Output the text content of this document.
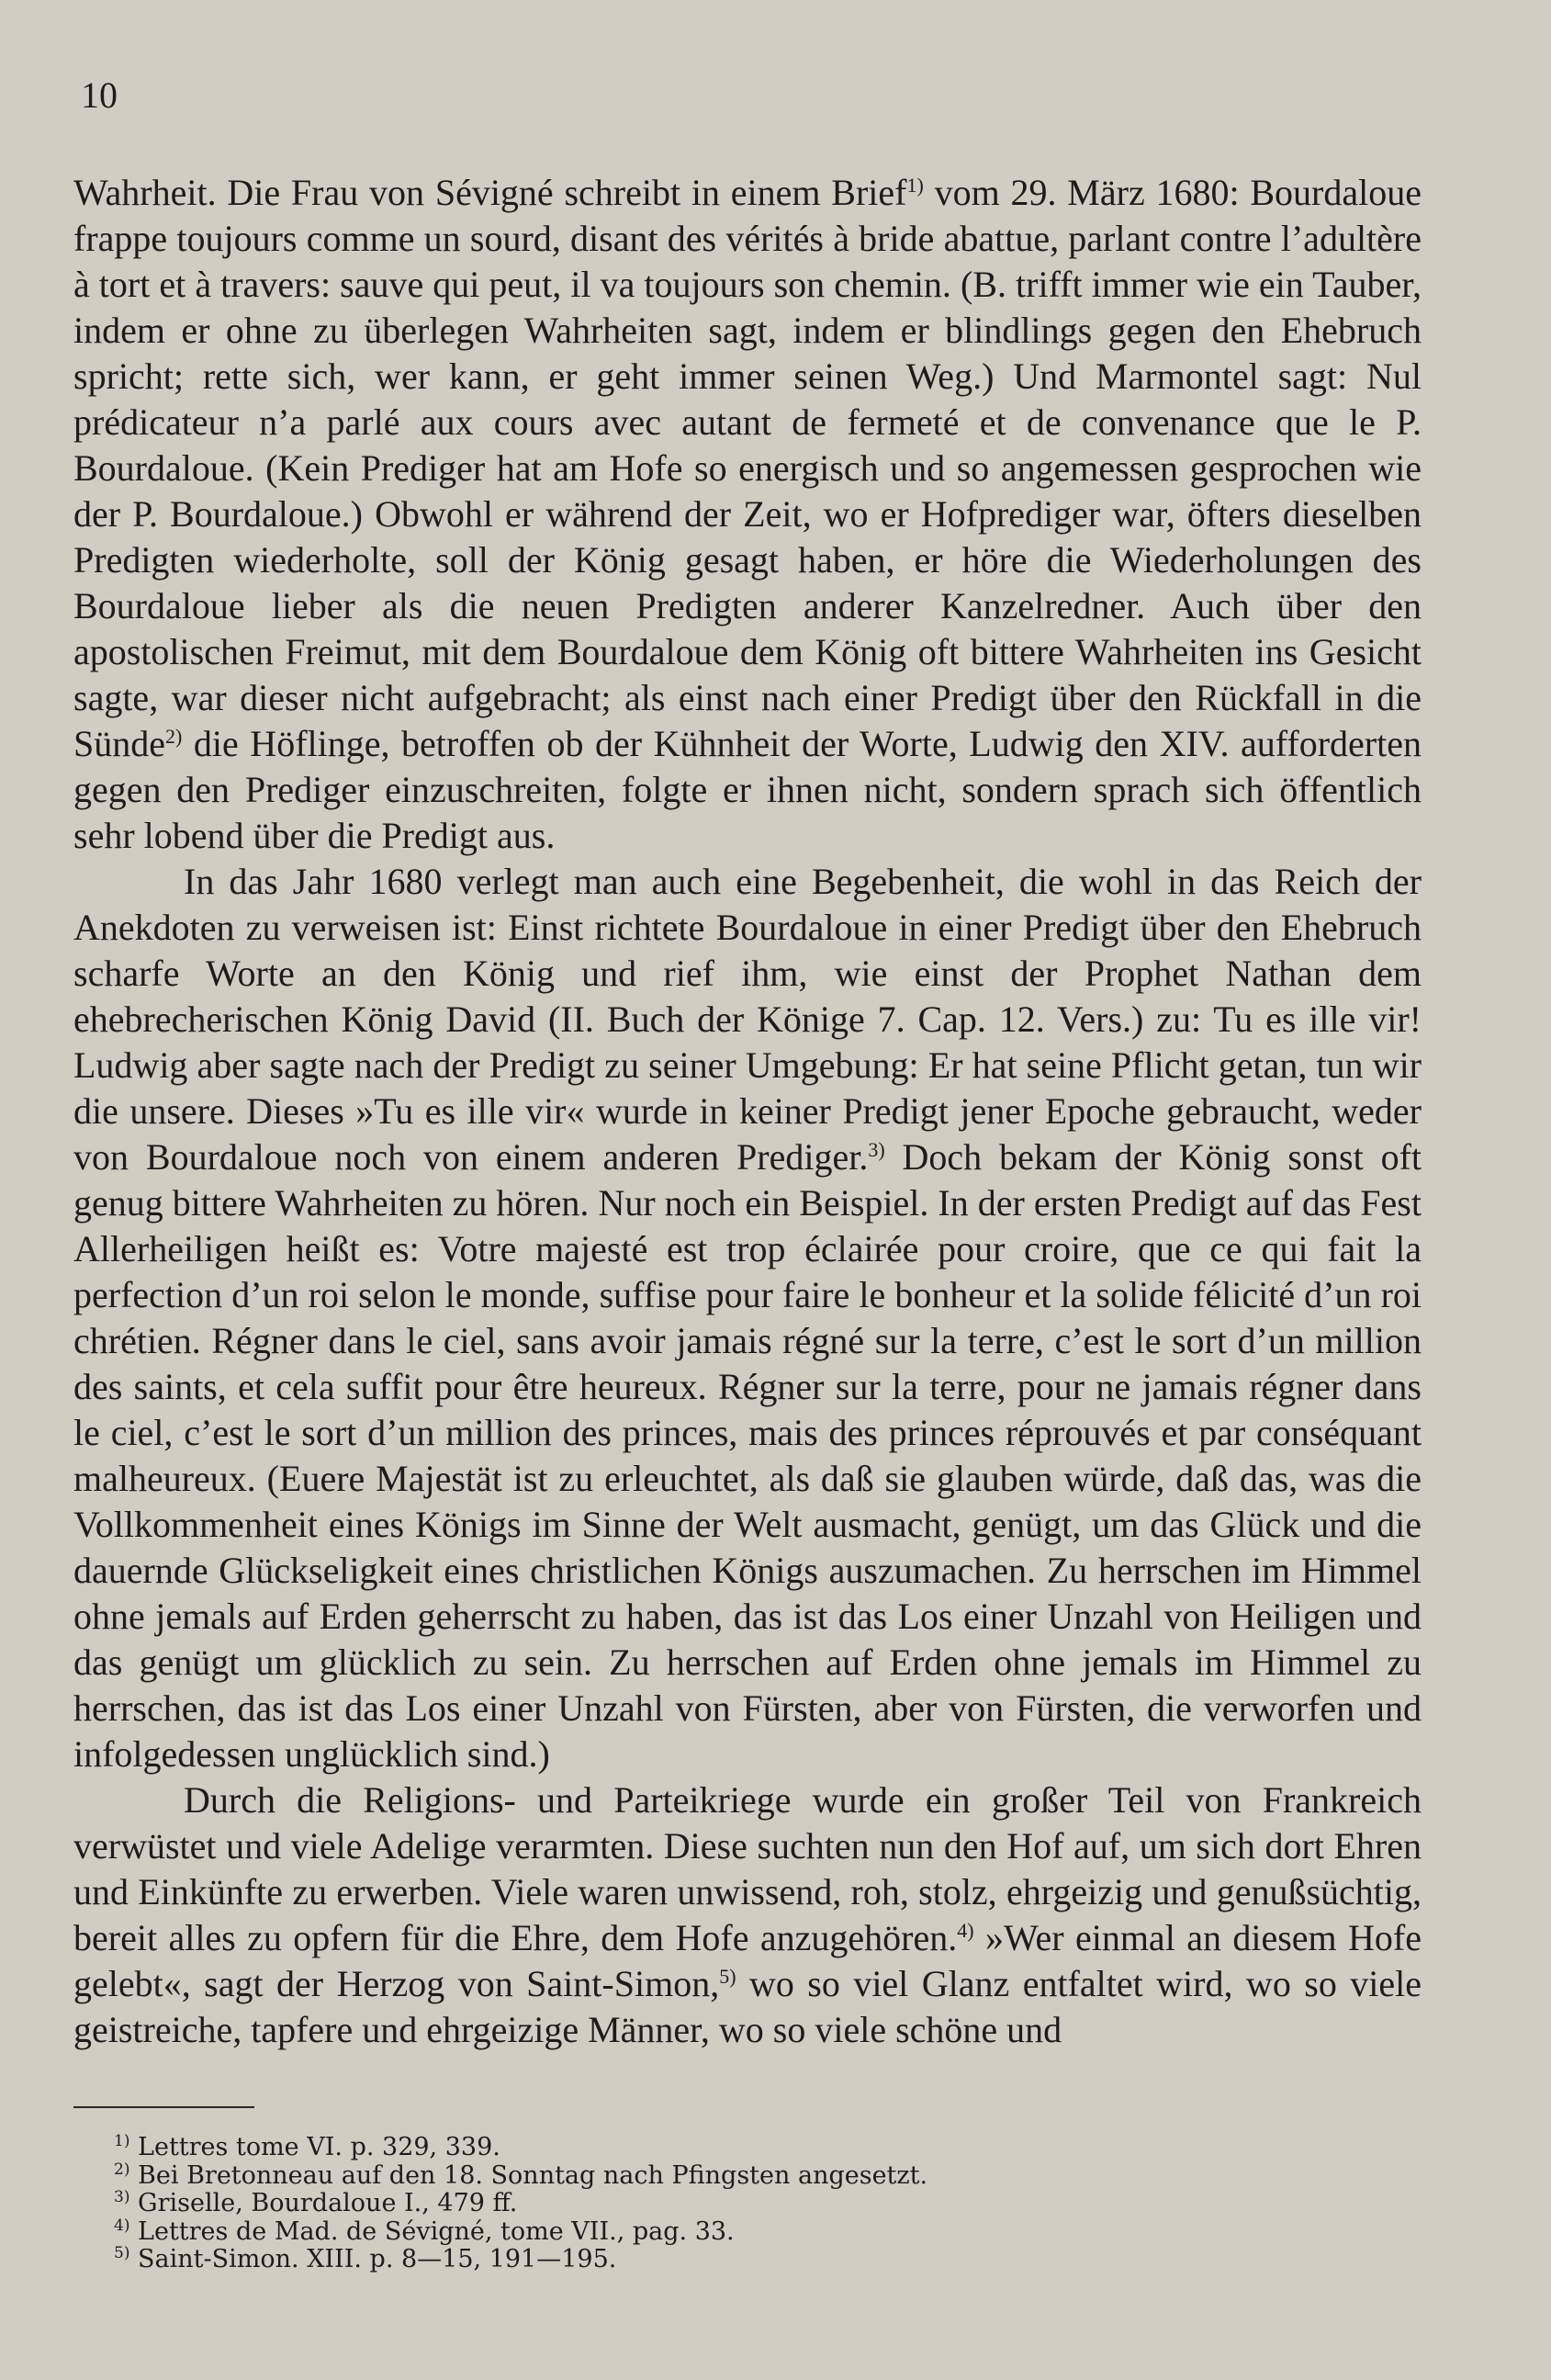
10

Wahrheit. Die Frau von Sévigné schreibt in einem Brief$^{1)}$ vom 29. März 1680: Bourdaloue frappe toujours comme un sourd, disant des vérités à bride abattue, parlant contre l’adultère à tort et à travers: sauve qui peut, il va toujours son chemin. (B. trifft immer wie ein Tauber, indem er ohne zu überlegen Wahrheiten sagt, indem er blindlings gegen den Ehebruch spricht; rette sich, wer kann, er geht immer seinen Weg.) Und Marmontel sagt: Nul prédicateur n’a parlé aux cours avec autant de fermeté et de convenance que le P. Bourdaloue. (Kein Prediger hat am Hofe so energisch und so angemessen gesprochen wie der P. Bourdaloue.) Obwohl er während der Zeit, wo er Hofprediger war, öfters dieselben Predigten wiederholte, soll der König gesagt haben, er höre die Wiederholungen des Bourdaloue lieber als die neuen Predigten anderer Kanzelredner. Auch über den apostolischen Freimut, mit dem Bourdaloue dem König oft bittere Wahrheiten ins Gesicht sagte, war dieser nicht aufgebracht; als einst nach einer Predigt über den Rückfall in die Sünde$^{2)}$ die Höflinge, betroffen ob der Kühnheit der Worte, Ludwig den XIV. aufforderten gegen den Prediger einzuschreiten, folgte er ihnen nicht, sondern sprach sich öffentlich sehr lobend über die Predigt aus.

In das Jahr 1680 verlegt man auch eine Begebenheit, die wohl in das Reich der Anekdoten zu verweisen ist: Einst richtete Bourdaloue in einer Predigt über den Ehebruch scharfe Worte an den König und rief ihm, wie einst der Prophet Nathan dem ehebrecherischen König David (II. Buch der Könige 7. Cap. 12. Vers.) zu: Tu es ille vir! Ludwig aber sagte nach der Predigt zu seiner Umgebung: Er hat seine Pflicht getan, tun wir die unsere. Dieses »Tu es ille vir« wurde in keiner Predigt jener Epoche gebraucht, weder von Bourdaloue noch von einem anderen Prediger.$^{3)}$ Doch bekam der König sonst oft genug bittere Wahrheiten zu hören. Nur noch ein Beispiel. In der ersten Predigt auf das Fest Allerheiligen heißt es: Votre majesté est trop éclairée pour croire, que ce qui fait la perfection d’un roi selon le monde, suffise pour faire le bonheur et la solide félicité d’un roi chrétien. Régner dans le ciel, sans avoir jamais régné sur la terre, c’est le sort d’un million des saints, et cela suffit pour être heureux. Régner sur la terre, pour ne jamais régner dans le ciel, c’est le sort d’un million des princes, mais des princes réprouvés et par conséquant malheureux. (Euere Majestät ist zu erleuchtet, als daß sie glauben würde, daß das, was die Vollkommenheit eines Königs im Sinne der Welt ausmacht, genügt, um das Glück und die dauernde Glückseligkeit eines christlichen Königs auszumachen. Zu herrschen im Himmel ohne jemals auf Erden geherrscht zu haben, das ist das Los einer Unzahl von Heiligen und das genügt um glücklich zu sein. Zu herrschen auf Erden ohne jemals im Himmel zu herrschen, das ist das Los einer Unzahl von Fürsten, aber von Fürsten, die verworfen und infolgedessen unglücklich sind.)

Durch die Religions- und Parteikriege wurde ein großer Teil von Frankreich verwüstet und viele Adelige verarmten. Diese suchten nun den Hof auf, um sich dort Ehren und Einkünfte zu erwerben. Viele waren unwissend, roh, stolz, ehrgeizig und genußsüchtig, bereit alles zu opfern für die Ehre, dem Hofe anzugehören.$^{4)}$ »Wer einmal an diesem Hofe gelebt«, sagt der Herzog von Saint-Simon,$^{5)}$ wo so viel Glanz entfaltet wird, wo so viele geistreiche, tapfere und ehrgeizige Männer, wo so viele schöne und

$^{1)}$ Lettres tome VI. p. 329, 339.
$^{2)}$ Bei Bretonneau auf den 18. Sonntag nach Pfingsten angesetzt.
$^{3)}$ Griselle, Bourdaloue I., 479 ff.
$^{4)}$ Lettres de Mad. de Sévigné, tome VII., pag. 33.
$^{5)}$ Saint-Simon. XIII. p. 8—15, 191—195.
